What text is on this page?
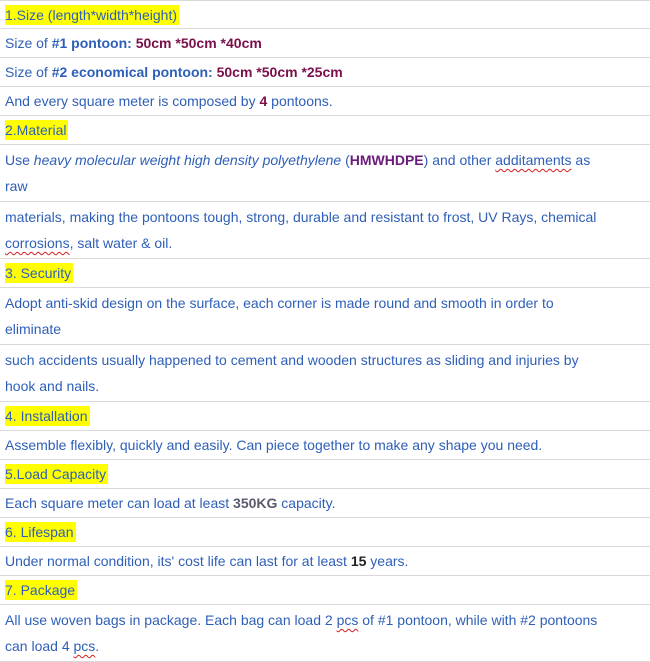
1.Size (length*width*height)
Size of #1 pontoon: 50cm *50cm *40cm
Size of #2 economical pontoon: 50cm *50cm *25cm
And every square meter is composed by 4 pontoons.
2.Material
Use heavy molecular weight high density polyethylene (HMWHDPE) and other additaments as
raw
materials, making the pontoons tough, strong, durable and resistant to frost, UV Rays, chemical
corrosions, salt water & oil.
3. Security
Adopt anti-skid design on the surface, each corner is made round and smooth in order to
eliminate
such accidents usually happened to cement and wooden structures as sliding and injuries by
hook and nails.
4. Installation
Assemble flexibly, quickly and easily. Can piece together to make any shape you need.
5.Load Capacity
Each square meter can load at least 350KG capacity.
6. Lifespan
Under normal condition, its' cost life can last for at least 15 years.
7. Package
All use woven bags in package. Each bag can load 2 pcs of #1 pontoon, while with #2 pontoons
can load 4 pcs.
